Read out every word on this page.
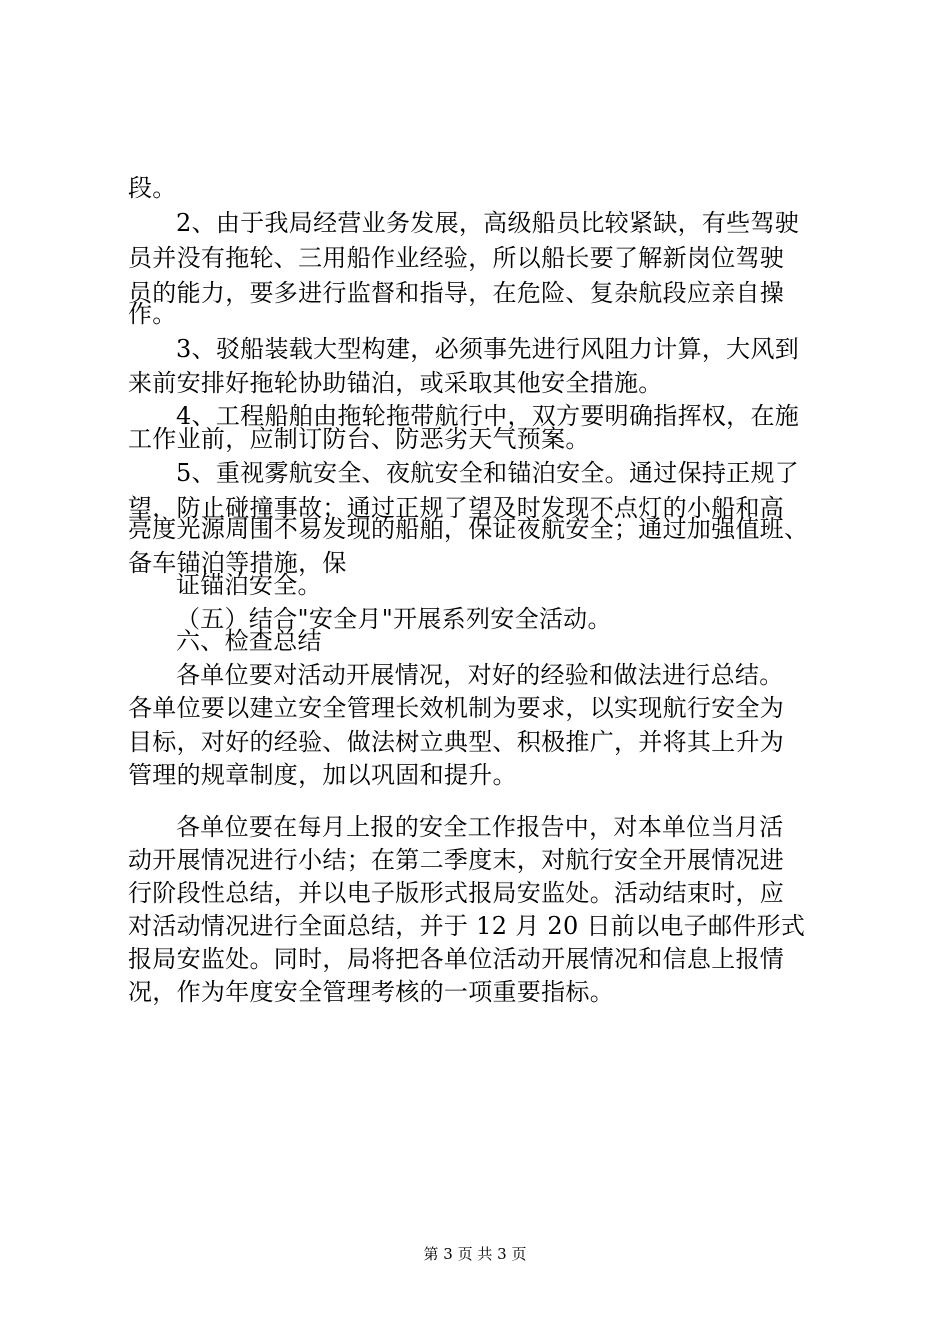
段。
2、由于我局经营业务发展，高级船员比较紧缺，有些驾驶
员并没有拖轮、三用船作业经验，所以船长要了解新岗位驾驶
员的能力，要多进行监督和指导，在危险、复杂航段应亲自操
作。
3、驳船装载大型构建，必须事先进行风阻力计算，大风到
来前安排好拖轮协助锚泊，或采取其他安全措施。
4、工程船舶由拖轮拖带航行中，双方要明确指挥权，在施
工作业前，应制订防台、防恶劣天气预案。
5、重视雾航安全、夜航安全和锚泊安全。通过保持正规了
望，防止碰撞事故；通过正规了望及时发现不点灯的小船和高
亮度光源周围不易发现的船舶，保证夜航安全；通过加强值班、
备车锚泊等措施，保
证锚泊安全。
（五）结合"安全月"开展系列安全活动。
六、检查总结
各单位要对活动开展情况，对好的经验和做法进行总结。
各单位要以建立安全管理长效机制为要求，以实现航行安全为
目标，对好的经验、做法树立典型、积极推广，并将其上升为
管理的规章制度，加以巩固和提升。
各单位要在每月上报的安全工作报告中，对本单位当月活
动开展情况进行小结；在第二季度末，对航行安全开展情况进
行阶段性总结，并以电子版形式报局安监处。活动结束时，应
对活动情况进行全面总结，并于 12 月 20 日前以电子邮件形式
报局安监处。同时，局将把各单位活动开展情况和信息上报情
况，作为年度安全管理考核的一项重要指标。
第 3 页 共 3 页
